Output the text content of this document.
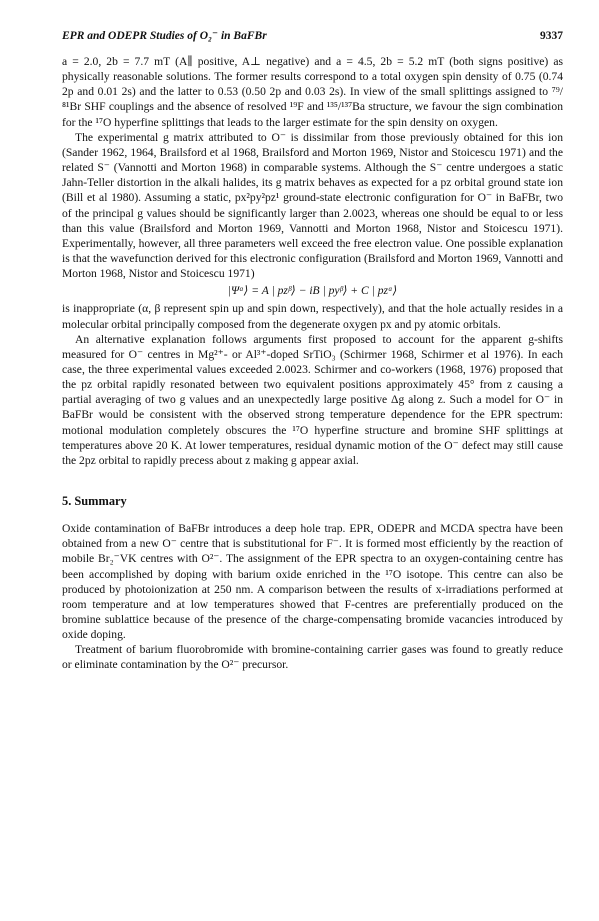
EPR and ODEPR Studies of O₂⁻ in BaFBr	9337

a = 2.0, 2b = 7.7 mT (A∥ positive, A⊥ negative) and a = 4.5, 2b = 5.2 mT (both signs positive) as physically reasonable solutions. The former results correspond to a total oxygen spin density of 0.75 (0.74 2p and 0.01 2s) and the latter to 0.53 (0.50 2p and 0.03 2s). In view of the small splittings assigned to ⁷⁹/⁸¹Br SHF couplings and the absence of resolved ¹⁹F and ¹³⁵/¹³⁷Ba structure, we favour the sign combination for the ¹⁷O hyperfine splittings that leads to the larger estimate for the spin density on oxygen.

The experimental g matrix attributed to O⁻ is dissimilar from those previously obtained for this ion (Sander 1962, 1964, Brailsford et al 1968, Brailsford and Morton 1969, Nistor and Stoicescu 1971) and the related S⁻ (Vannotti and Morton 1968) in comparable systems. Although the S⁻ centre undergoes a static Jahn-Teller distortion in the alkali halides, its g matrix behaves as expected for a pz orbital ground state ion (Bill et al 1980). Assuming a static, px²py²pz¹ ground-state electronic configuration for O⁻ in BaFBr, two of the principal g values should be significantly larger than 2.0023, whereas one should be equal to or less than this value (Brailsford and Morton 1969, Vannotti and Morton 1968, Nistor and Stoicescu 1971). Experimentally, however, all three parameters well exceed the free electron value. One possible explanation is that the wavefunction derived for this electronic configuration (Brailsford and Morton 1969, Vannotti and Morton 1968, Nistor and Stoicescu 1971)

|Ψᵅ⟩ = A | pzᵝ⟩ − iB | pyᵝ⟩ + C | pzᵅ⟩

is inappropriate (α, β represent spin up and spin down, respectively), and that the hole actually resides in a molecular orbital principally composed from the degenerate oxygen px and py atomic orbitals.

An alternative explanation follows arguments first proposed to account for the apparent g-shifts measured for O⁻ centres in Mg²⁺- or Al³⁺-doped SrTiO₃ (Schirmer 1968, Schirmer et al 1976). In each case, the three experimental values exceeded 2.0023. Schirmer and co-workers (1968, 1976) proposed that the pz orbital rapidly resonated between two equivalent positions approximately 45° from z causing a partial averaging of two g values and an unexpectedly large positive Δg along z. Such a model for O⁻ in BaFBr would be consistent with the observed strong temperature dependence for the EPR spectrum: motional modulation completely obscures the ¹⁷O hyperfine structure and bromine SHF splittings at temperatures above 20 K. At lower temperatures, residual dynamic motion of the O⁻ defect may still cause the 2pz orbital to rapidly precess about z making g appear axial.

5. Summary

Oxide contamination of BaFBr introduces a deep hole trap. EPR, ODEPR and MCDA spectra have been obtained from a new O⁻ centre that is substitutional for F⁻. It is formed most efficiently by the reaction of mobile Br₂⁻VK centres with O²⁻. The assignment of the EPR spectra to an oxygen-containing centre has been accomplished by doping with barium oxide enriched in the ¹⁷O isotope. This centre can also be produced by photoionization at 250 nm. A comparison between the results of x-irradiations performed at room temperature and at low temperatures showed that F-centres are preferentially produced on the bromine sublattice because of the presence of the charge-compensating bromide vacancies introduced by oxide doping.

Treatment of barium fluorobromide with bromine-containing carrier gases was found to greatly reduce or eliminate contamination by the O²⁻ precursor.
